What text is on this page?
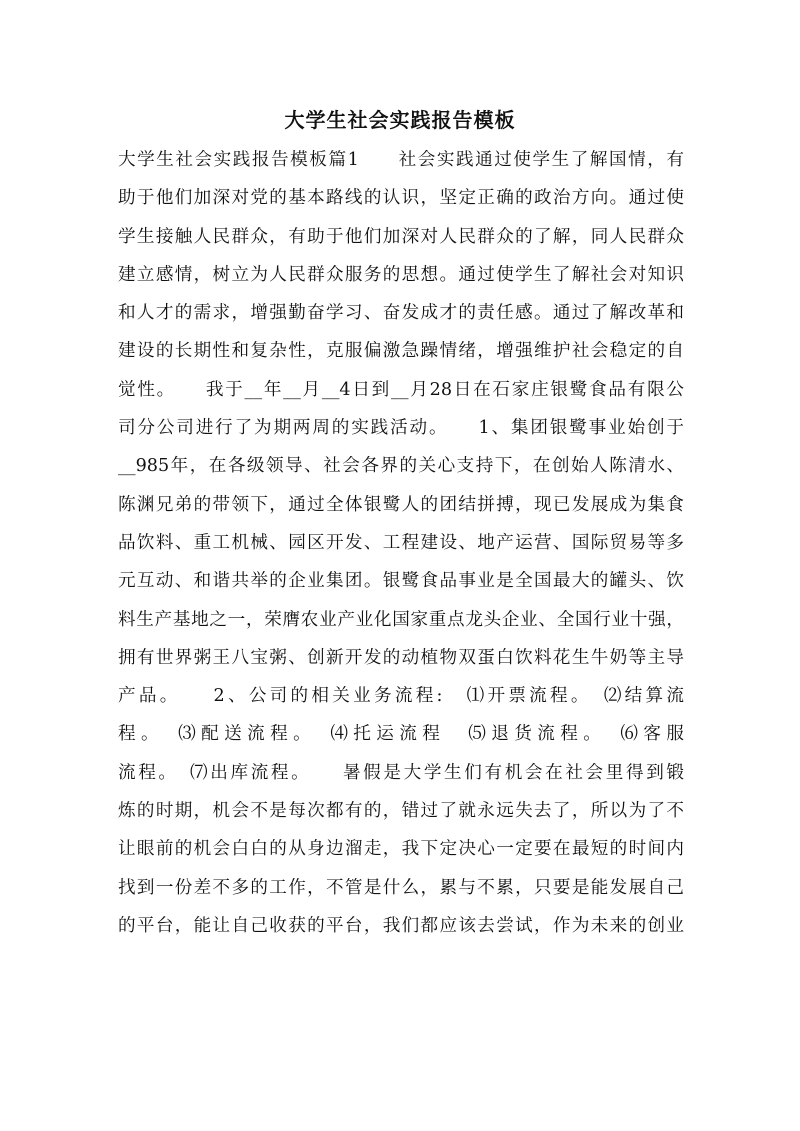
大学生社会实践报告模板
大学生社会实践报告模板篇1　　社会实践通过使学生了解国情，有
助于他们加深对党的基本路线的认识，坚定正确的政治方向。通过使
学生接触人民群众，有助于他们加深对人民群众的了解，同人民群众
建立感情，树立为人民群众服务的思想。通过使学生了解社会对知识
和人才的需求，增强勤奋学习、奋发成才的责任感。通过了解改革和
建设的长期性和复杂性，克服偏激急躁情绪，增强维护社会稳定的自
觉性。　　我于__年__月__4日到__月28日在石家庄银鹭食品有限公
司分公司进行了为期两周的实践活动。　　1、集团银鹭事业始创于
__985年，在各级领导、社会各界的关心支持下，在创始人陈清水、
陈渊兄弟的带领下，通过全体银鹭人的团结拼搏，现已发展成为集食
品饮料、重工机械、园区开发、工程建设、地产运营、国际贸易等多
元互动、和谐共举的企业集团。银鹭食品事业是全国最大的罐头、饮
料生产基地之一，荣膺农业产业化国家重点龙头企业、全国行业十强，
拥有世界粥王八宝粥、创新开发的动植物双蛋白饮料花生牛奶等主导
产品。　　2、公司的相关业务流程:　⑴开票流程。　⑵结算流
程。　⑶配送流程。　⑷托运流程　⑸退货流程。　⑹客服
流程。　⑺出库流程。　　暑假是大学生们有机会在社会里得到锻
炼的时期，机会不是每次都有的，错过了就永远失去了，所以为了不
让眼前的机会白白的从身边溜走，我下定决心一定要在最短的时间内
找到一份差不多的工作，不管是什么，累与不累，只要是能发展自己
的平台，能让自己收获的平台，我们都应该去尝试，作为未来的创业
